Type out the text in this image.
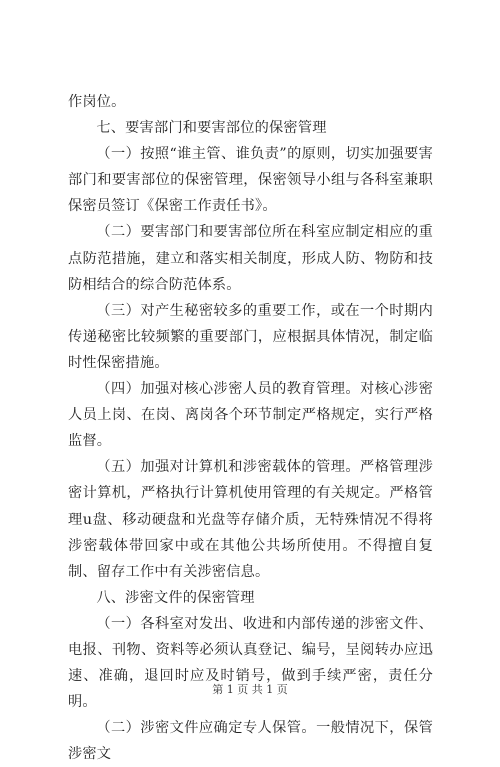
作岗位。

七、要害部门和要害部位的保密管理

（一）按照“谁主管、谁负责”的原则，切实加强要害部门和要害部位的保密管理，保密领导小组与各科室兼职保密员签订《保密工作责任书》。

（二）要害部门和要害部位所在科室应制定相应的重点防范措施，建立和落实相关制度，形成人防、物防和技防相结合的综合防范体系。

（三）对产生秘密较多的重要工作，或在一个时期内传递秘密比较频繁的重要部门，应根据具体情况，制定临时性保密措施。

（四）加强对核心涉密人员的教育管理。对核心涉密人员上岗、在岗、离岗各个环节制定严格规定，实行严格监督。

（五）加强对计算机和涉密载体的管理。严格管理涉密计算机，严格执行计算机使用管理的有关规定。严格管理u盘、移动硬盘和光盘等存储介质，无特殊情况不得将涉密载体带回家中或在其他公共场所使用。不得擅自复制、留存工作中有关涉密信息。

八、涉密文件的保密管理

（一）各科室对发出、收进和内部传递的涉密文件、电报、刊物、资料等必须认真登记、编号，呈阅转办应迅速、准确，退回时应及时销号，做到手续严密，责任分明。

（二）涉密文件应确定专人保管。一般情况下，保管涉密文

第 1 页 共 1 页
